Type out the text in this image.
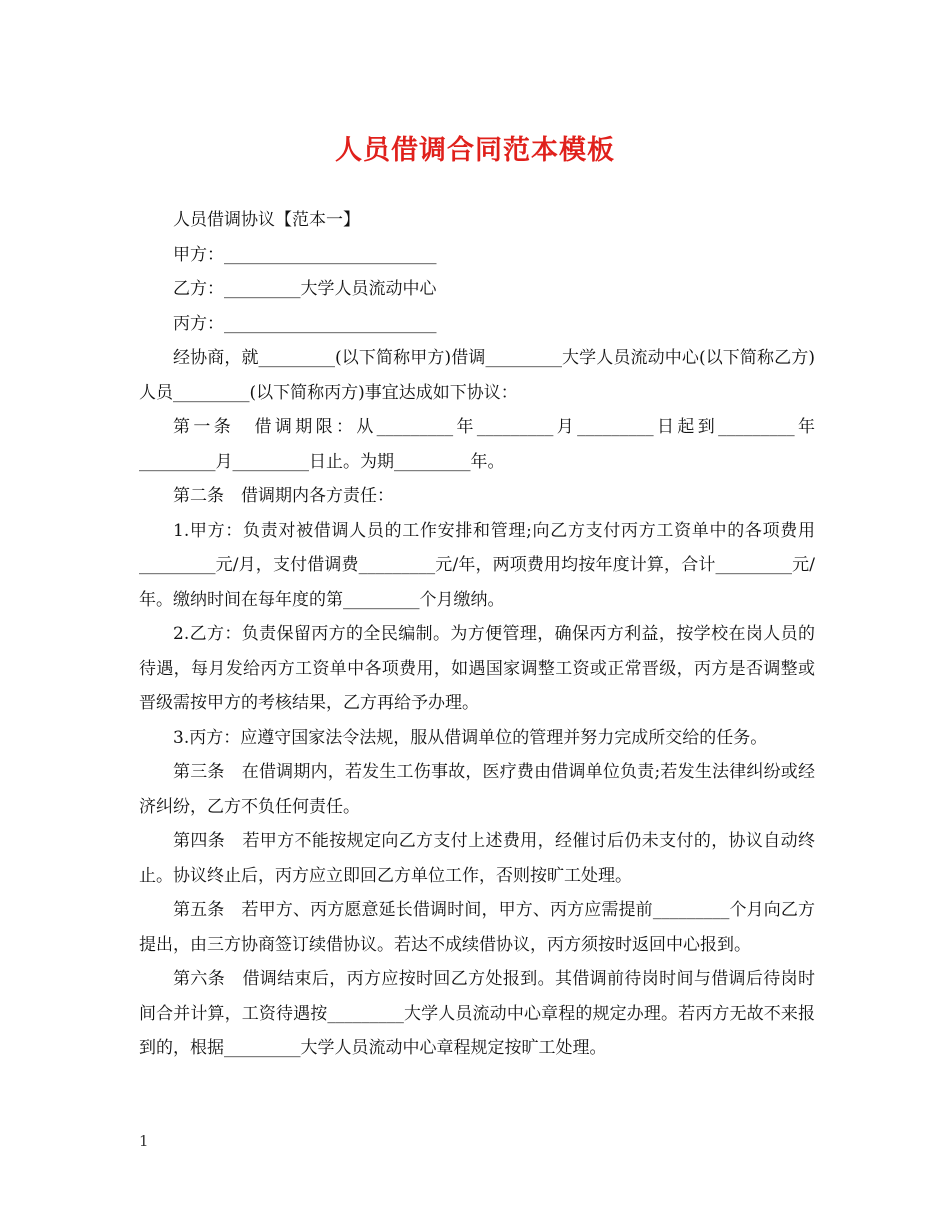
人员借调合同范本模板

人员借调协议【范本一】

甲方：_________________________

乙方：_________大学人员流动中心

丙方：_________________________

经协商，就_________(以下简称甲方)借调_________大学人员流动中心(以下简称乙方)人员_________(以下简称丙方)事宜达成如下协议：

第一条　借调期限：从_________年_________月_________日起到_________年_________月_________日止。为期_________年。

第二条　借调期内各方责任：

1.甲方：负责对被借调人员的工作安排和管理;向乙方支付丙方工资单中的各项费用_________元/月，支付借调费_________元/年，两项费用均按年度计算，合计_________元/年。缴纳时间在每年度的第_________个月缴纳。

2.乙方：负责保留丙方的全民编制。为方便管理，确保丙方利益，按学校在岗人员的待遇，每月发给丙方工资单中各项费用，如遇国家调整工资或正常晋级，丙方是否调整或晋级需按甲方的考核结果，乙方再给予办理。

3.丙方：应遵守国家法令法规，服从借调单位的管理并努力完成所交给的任务。

第三条　在借调期内，若发生工伤事故，医疗费由借调单位负责;若发生法律纠纷或经济纠纷，乙方不负任何责任。

第四条　若甲方不能按规定向乙方支付上述费用，经催讨后仍未支付的，协议自动终止。协议终止后，丙方应立即回乙方单位工作，否则按旷工处理。

第五条　若甲方、丙方愿意延长借调时间，甲方、丙方应需提前_________个月向乙方提出，由三方协商签订续借协议。若达不成续借协议，丙方须按时返回中心报到。

第六条　借调结束后，丙方应按时回乙方处报到。其借调前待岗时间与借调后待岗时间合并计算，工资待遇按_________大学人员流动中心章程的规定办理。若丙方无故不来报到的，根据_________大学人员流动中心章程规定按旷工处理。

1
